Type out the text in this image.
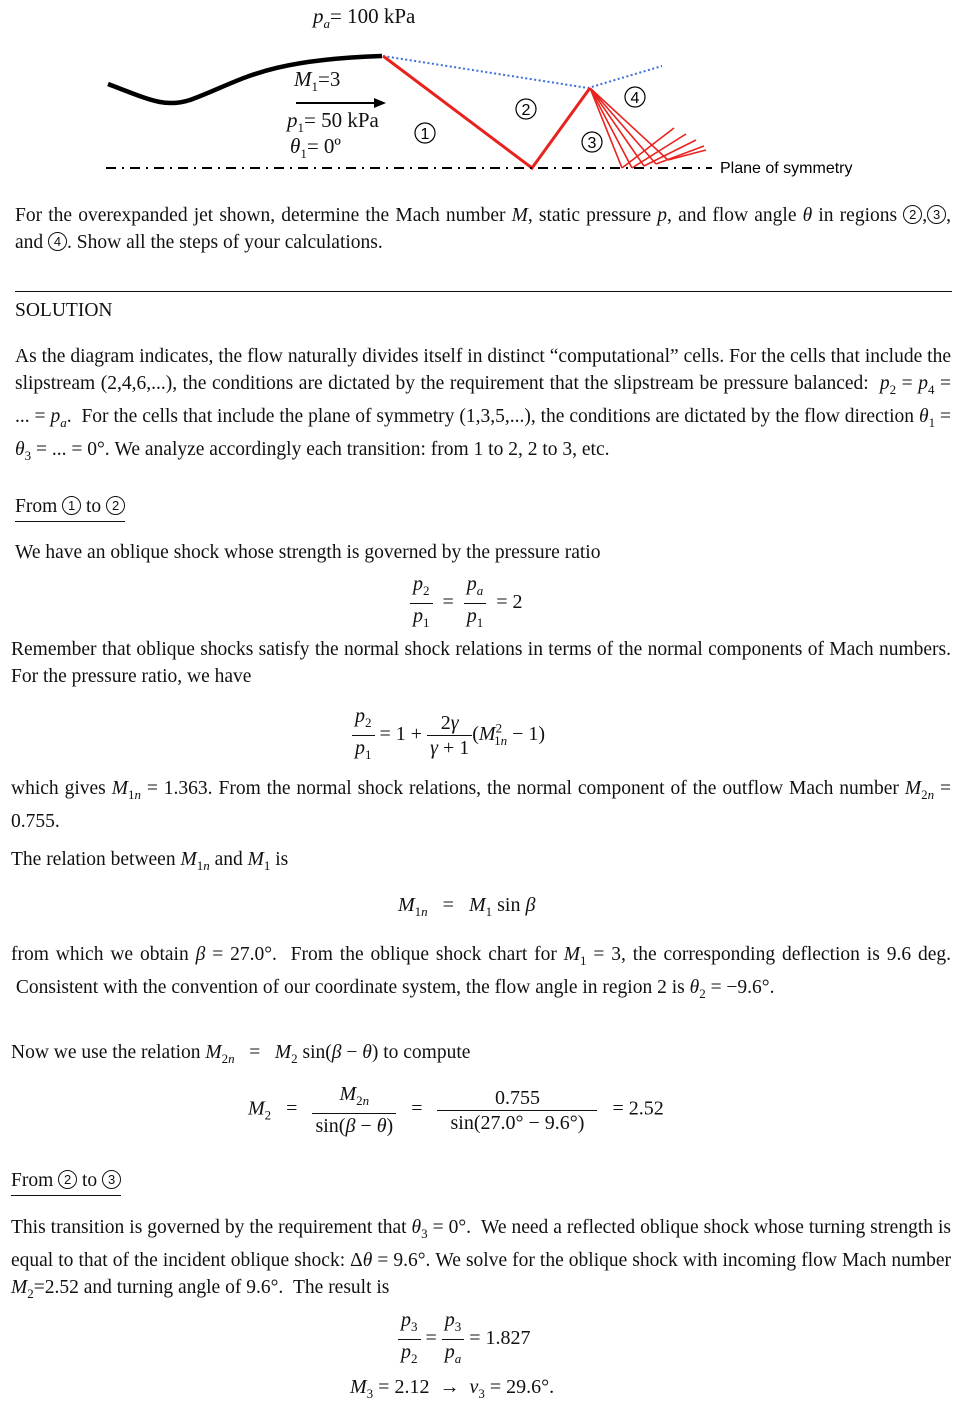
1
2
3
4
Plane of symmetry
$p_a= 100$ kPa
$M_1=3$
$p_1= 50$ kPa
$\theta_1=$ 0º
For the overexpanded jet shown, determine the Mach number M, static pressure p, and flow angle θ in regions 2 , 3 , and 4 . Show all the steps of your calculations.
SOLUTION
As the diagram indicates, the flow naturally divides itself in distinct “computational” cells. For the cells that include the slipstream (2,4,6,...), the conditions are dictated by the requirement that the slipstream be pressure balanced:  $p_2 = p_4$ = ... = $p_a$.  For the cells that include the plane of symmetry (1,3,5,...), the conditions are dictated by the flow direction $\theta_1 = \theta_3$ = ... = 0°. We analyze accordingly each transition: from 1 to 2, 2 to 3, etc.
From 1 to 2
We have an oblique shock whose strength is governed by the pressure ratio
$\frac{p_2}{p_1} = \frac{p_a}{p_1} = 2$
Remember that oblique shocks satisfy the normal shock relations in terms of the normal components of Mach numbers. For the pressure ratio, we have
$\frac{p_2}{p_1} = 1 + \frac{2\gamma}{\gamma + 1} (M^2_{1n} - 1)$
which gives $M_{1n} = 1.363$. From the normal shock relations, the normal component of the outflow Mach number $M_{2n} = 0.755$.
The relation between $M_{1n}$ and $M_1$ is
$M_{1n} = M_1$ sin β
from which we obtain β = 27.0°.  From the oblique shock chart for $M_1 = 3$, the corresponding deflection is 9.6 deg.  Consistent with the convention of our coordinate system, the flow angle in region 2 is $\theta_2 = -9.6^\circ$.
Now we use the relation $M_{2n} = M_2$ sin(β − θ) to compute
$M_2 = \frac{M_{2n}}{\sin(\beta - \theta)} = \frac{0.755}{\sin(27.0^\circ - 9.6^\circ)} = 2.52$
From 2 to 3
This transition is governed by the requirement that $\theta_3 = 0^\circ$.  We need a reflected oblique shock whose turning strength is equal to that of the incident oblique shock: Δθ = 9.6°. We solve for the oblique shock with incoming flow Mach number $M_2=2.52$ and turning angle of 9.6°.  The result is
$\frac{p_3}{p_2} = \frac{p_3}{p_a} = 1.827$
$M_3 = 2.12 \to \nu_3 = 29.6^\circ$.
